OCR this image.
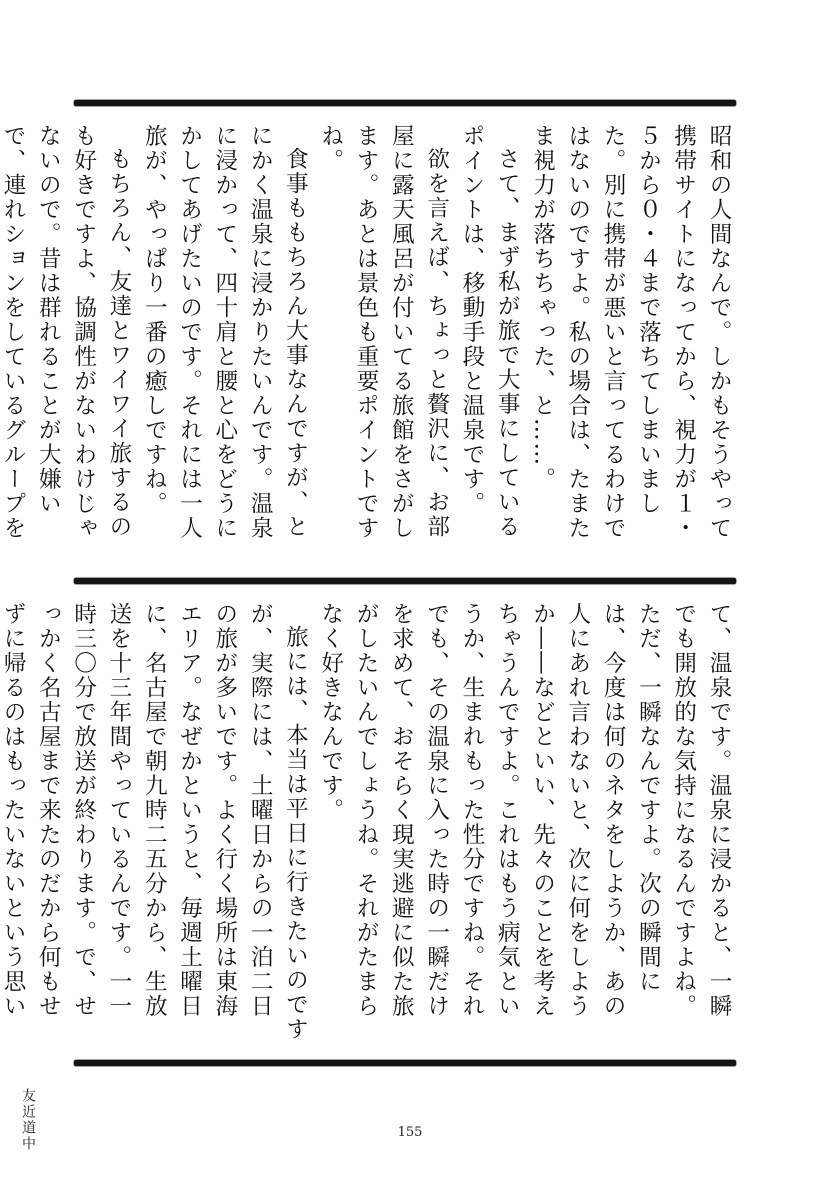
昭和の人間なんで。しかもそうやって携帯サイトになってから、視力が１・５から０・４まで落ちてしまいました。別に携帯が悪いと言ってるわけではないのですよ。私の場合は、たまたま視力が落ちちゃった、と……。

さて、まず私が旅で大事にしているポイントは、移動手段と温泉です。

欲を言えば、ちょっと贅沢に、お部屋に露天風呂が付いてる旅館をさがします。あとは景色も重要ポイントですね。

食事ももちろん大事なんですが、とにかく温泉に浸かりたいんです。温泉に浸かって、四十肩と腰と心をどうにかしてあげたいのです。それには一人旅が、やっぱり一番の癒しですね。

もちろん、友達とワイワイ旅するのも好きですよ、協調性がないわけじゃないので。昔は群れることが大嫌いで、連れションをしているグループを

て、温泉です。温泉に浸かると、一瞬でも開放的な気持になるんですよね。ただ、一瞬なんですよ。次の瞬間には、今度は何のネタをしようか、あの人にあれ言わないと、次に何をしようか――などといい、先々のことを考えちゃうんですよ。これはもう病気というか、生まれもった性分ですね。それでも、その温泉に入った時の一瞬だけを求めて、おそらく現実逃避に似た旅がしたいんでしょうね。それがたまらなく好きなんです。

旅には、本当は平日に行きたいのですが、実際には、土曜日からの一泊二日の旅が多いです。よく行く場所は東海エリア。なぜかというと、毎週土曜日に、名古屋で朝九時二五分から、生放送を十三年間やっているんです。一一時三〇分で放送が終わります。で、せっかく名古屋まで来たのだから何もせずに帰るのはもったいないという思い

友近道中	155
